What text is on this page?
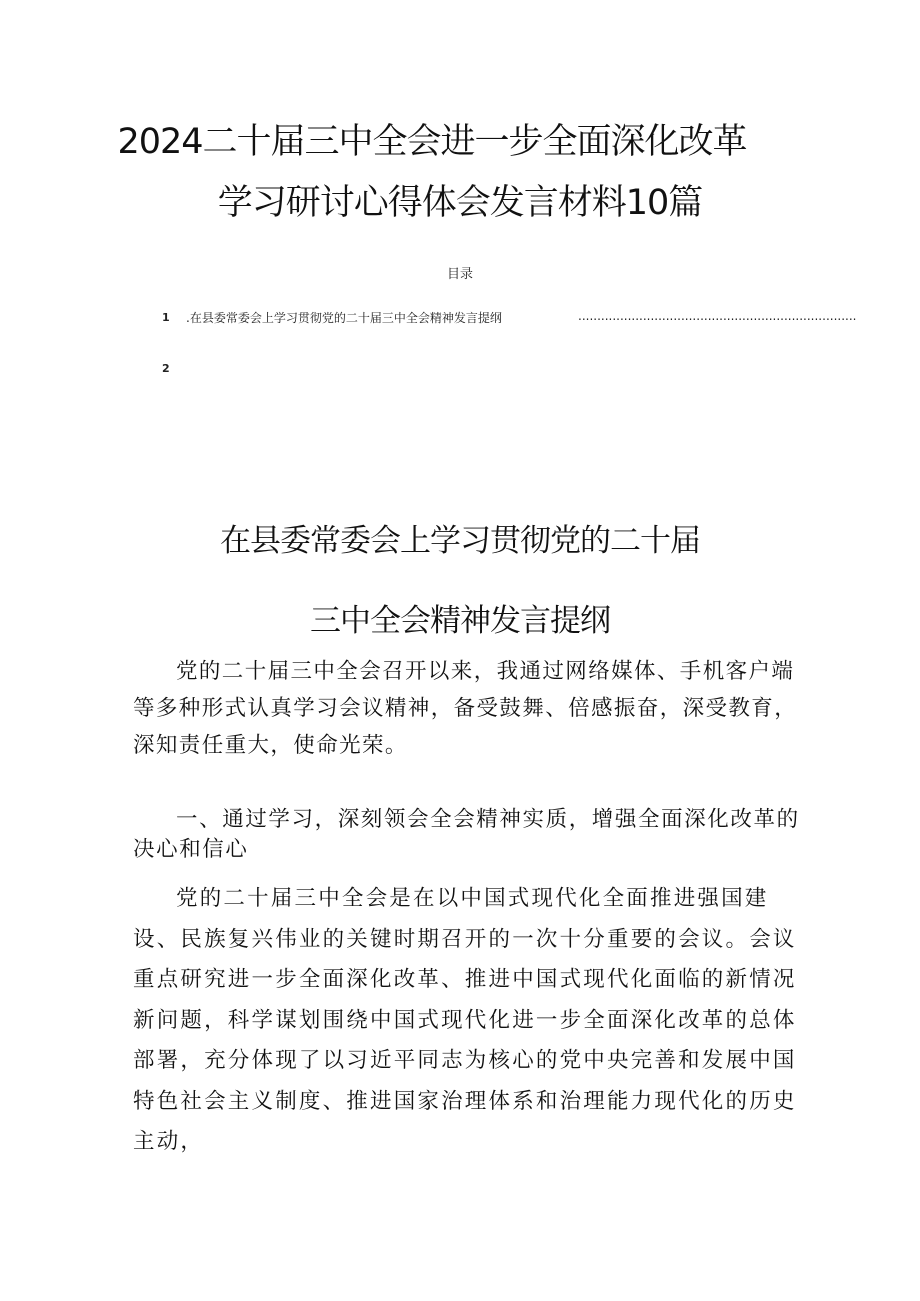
2024二十届三中全会进一步全面深化改革
学习研讨心得体会发言材料10篇
目录
1 .在县委常委会上学习贯彻党的二十届三中全会精神发言提纲	.........................................................................
2
在县委常委会上学习贯彻党的二十届
三中全会精神发言提纲
党的二十届三中全会召开以来，我通过网络媒体、手机客户端等多种形式认真学习会议精神，备受鼓舞、倍感振奋，深受教育，深知责任重大，使命光荣。
一、通过学习，深刻领会全会精神实质，增强全面深化改革的决心和信心
党的二十届三中全会是在以中国式现代化全面推进强国建设、民族复兴伟业的关键时期召开的一次十分重要的会议。会议重点研究进一步全面深化改革、推进中国式现代化面临的新情况新问题，科学谋划围绕中国式现代化进一步全面深化改革的总体部署，充分体现了以习近平同志为核心的党中央完善和发展中国特色社会主义制度、推进国家治理体系和治理能力现代化的历史主动，
